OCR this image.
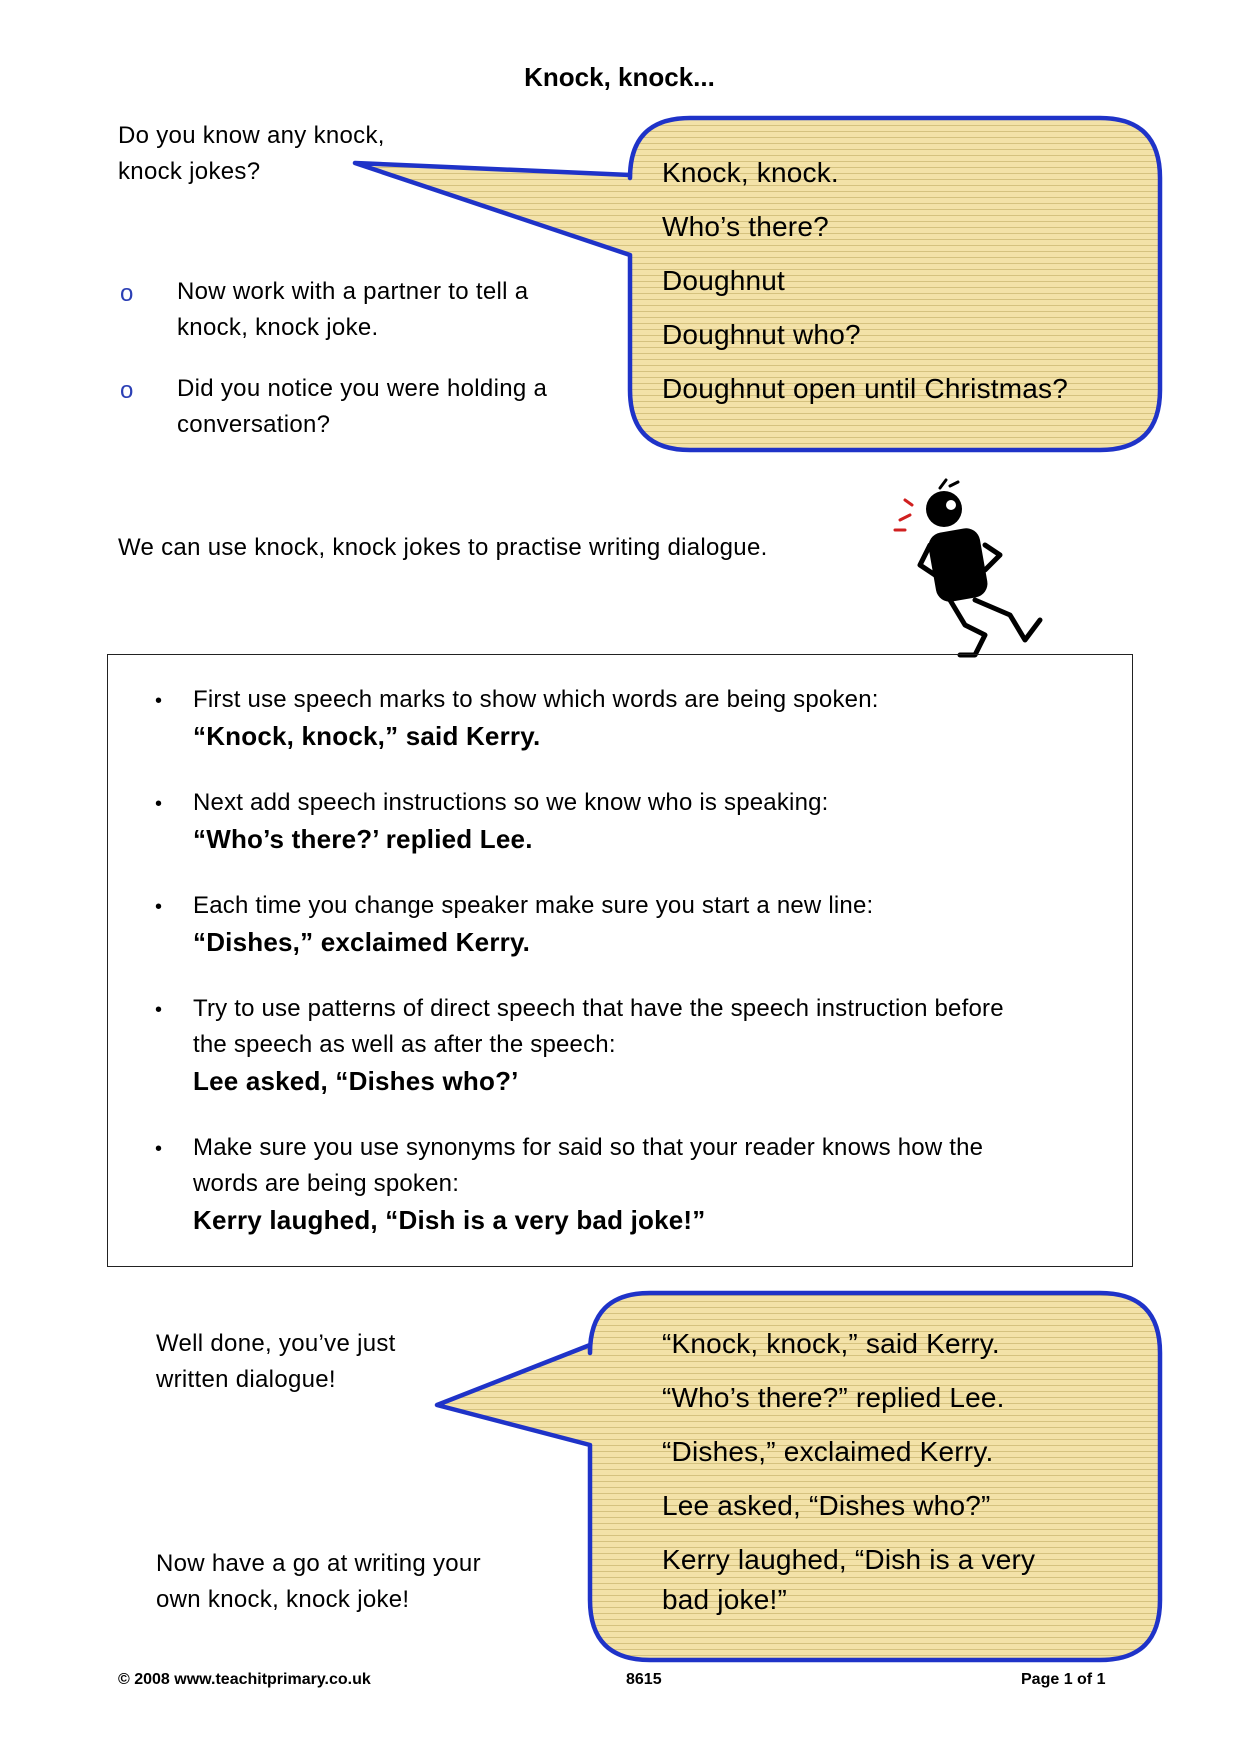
Knock, knock...
Do you know any knock,
knock jokes?	Knock, knock.
Who’s there?
Doughnut
Doughnut who?
Doughnut open until Christmas?
o Now work with a partner to tell a
knock, knock joke.
o Did you notice you were holding a
conversation?
We can use knock, knock jokes to practise writing dialogue.
• First use speech marks to show which words are being spoken:
“Knock, knock,” said Kerry.
• Next add speech instructions so we know who is speaking:
“Who’s there?’ replied Lee.
• Each time you change speaker make sure you start a new line:
“Dishes,” exclaimed Kerry.
• Try to use patterns of direct speech that have the speech instruction before
the speech as well as after the speech:
Lee asked, “Dishes who?’
• Make sure you use synonyms for said so that your reader knows how the
words are being spoken:
Kerry laughed, “Dish is a very bad joke!”
Well done, you’ve just
written dialogue!
Now have a go at writing your
own knock, knock joke!
“Knock, knock,” said Kerry.
“Who’s there?” replied Lee.
“Dishes,” exclaimed Kerry.
Lee asked, “Dishes who?”
Kerry laughed, “Dish is a very
bad joke!”
© 2008 www.teachitprimary.co.uk	8615	Page 1 of 1
